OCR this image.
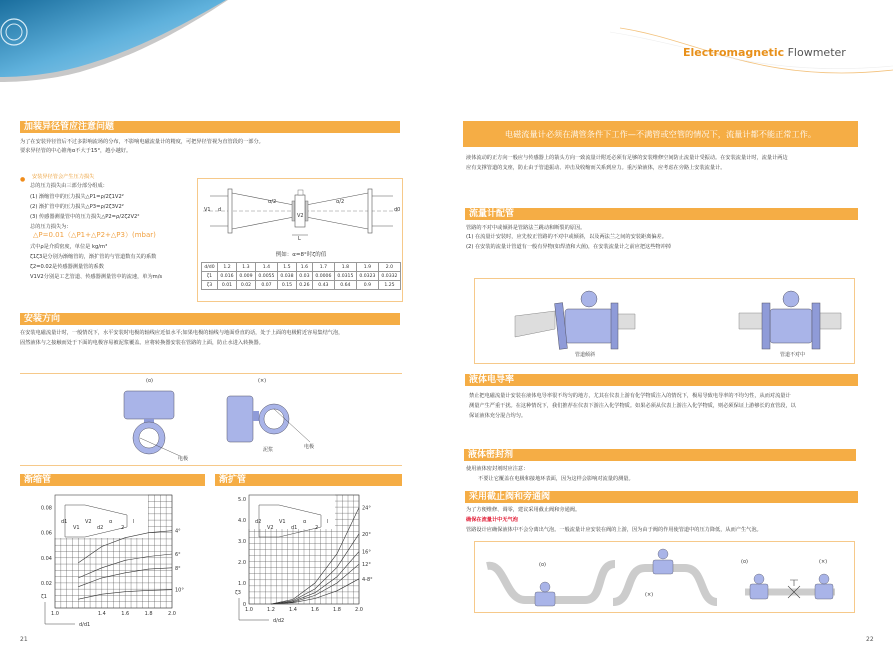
Electromagnetic Flowmeter
加装异径管应注意问题
为了在安装异径管后不过多影响流场的分布，不影响电磁流量计的精度，可把异径管视为直管段的一部分。
要求异径管的中心锥角α不大于15°，越小越好。
● 安装异径管会产生压力损失
总的压力损失由三部分部分组成：
(1) 渐缩管中的压力损失△P1=ρ/2ζ1V2²
(2) 渐扩管中的压力损失△P3=ρ/2ζ3V2²
(3) 传感器测量管中的压力损失△P2=ρ/2ζ2V2²
总的压力损失为：
△P=0.01（△P1+△P2+△P3）(mbar)
式中ρ是介质密度，单位是 kg/m³
ζ1ζ3是分别为渐缩管的，渐扩管的与管道数有关的系数
ζ2=0.02是传感器测量管的系数
V1V2分别是工艺管道、传感器测量管中的流速，单为m/s
V1
V2
α/2	α/2
d	d0
L
例如：α=8°时ζ的值
d/d0	1.2	1.3	1.4	1.5	1.6	1.7	1.8	1.9	2.0
ζ1	0.016	0.009	0.0055	0.038	0.03	0.0006	0.0315	0.0323	0.0332
ζ3	0.01	0.02	0.07	0.15	0.26	0.43	0.64	0.9	1.25
安装方向
在安装电磁流量计时，一般情况下，水平安装时电极的轴线应近似水平;如果电极的轴线与地面垂直的话，处于上面的电极附近容易集结气泡，
固然液体与之接触而处于下面的电极容易被泥浆覆盖。应将转换器安装在管路的上面，防止水进入转换器。
(o)	(×)
电极
泥浆	电极
渐缩管	渐扩管
d1
V1
V2
d2
α
2
l
1.0	1.4	1.6	1.8	2.0
0.08
0.06
0.04
0.02
ζ1
d/d1
4°
6°
8°
10°
d2
V2
V1
d1
α
2
l
1.0	1.2	1.4	1.6	1.8	2.0
5.0
4.0
3.0
2.0
1.0
0
ζ3
d/d2
24°
20°
16°
12°
4-8°
21
电磁流量计必须在满管条件下工作—不满管或空管的情况下，流量计都不能正常工作。
液体流动的正方向一般应与传感器上的箭头方向一致流量计附近必须有足够的安装维修空间防止流量计受振动。在安装流量计时，流量计两边
应有支撑管道的支座，防止由于管道振动、冲击及收缩而关系到应力。重污染液体，应考虑在旁路上安装流量计。
流量计配管
管路的不对中或倾斜是管路法兰跳动和断裂的原因。
(1) 在流量计安装时，应先校正管路的不对中或倾斜，以及两法兰之间的安装距离偏差。
(2) 在安装的流量计管道有一般有异物(如焊渣和大菌)，在安装流量计之前应把这些物冲掉
管道倾斜	管道不对中
液体电导率
禁止把电磁流量计安装在液体电导率很不均匀的地方，尤其在仪表上游有化学物质注入的情况下，极易导致电导率的不均匀性，从而对流量计
测量产生严重干扰。在这种情况下，我们推荐在仪表下游注入化学物质。如果必须从仪表上游注入化学物质，则必须保证上游够长的直管段，以
保证液体充分混合均匀。
液体密封剂
使用液体密封剂时应注意：
不要让它覆盖在电极和接地环表面，因为这样会影响对流量的测量。
采用截止阀和旁通阀
为了方便维修、调零，建议采用截止阀和旁通阀。
确保在流量计中无气泡
管路设计应确保液体中不会分离出气泡。一般流量计应安装在阀的上游，因为由于阀的作用使管道中的压力降低，从而产生气泡。
(o)
(×)
(o)	(×)
22
